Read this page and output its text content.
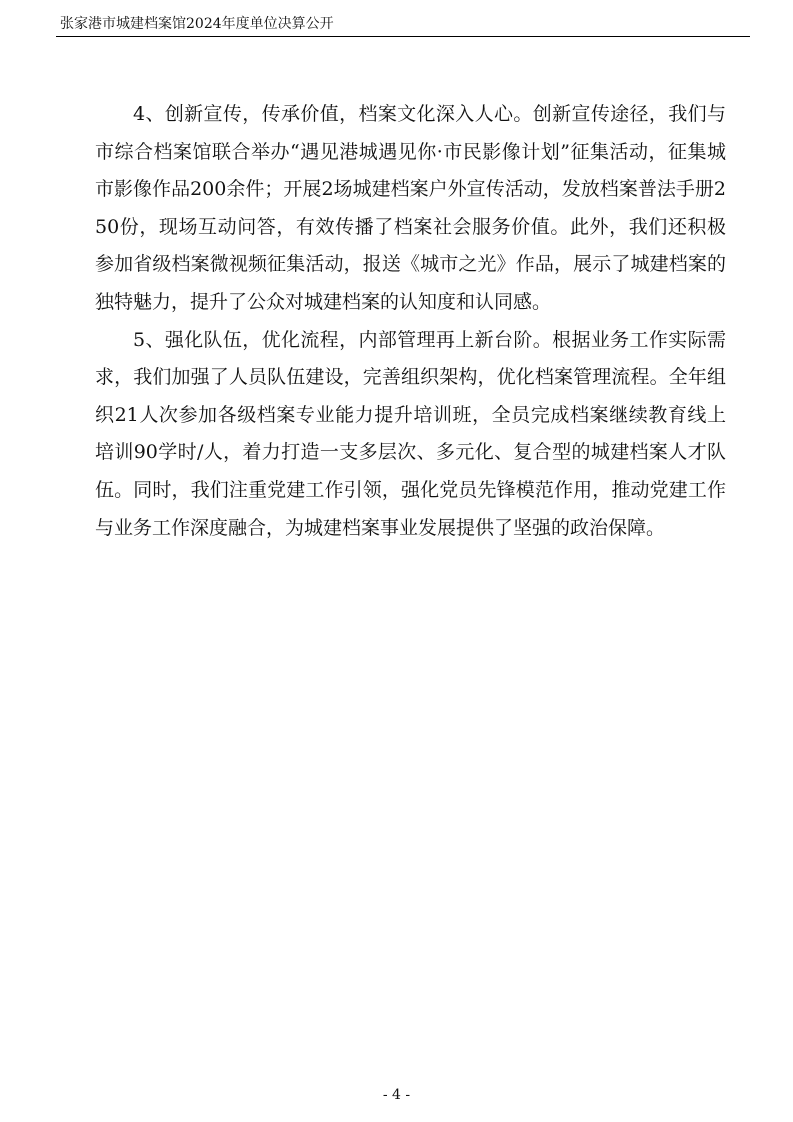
张家港市城建档案馆2024年度单位决算公开

4、创新宣传，传承价值，档案文化深入人心。创新宣传途径，我们与市综合档案馆联合举办“遇见港城遇见你·市民影像计划”征集活动，征集城市影像作品200余件；开展2场城建档案户外宣传活动，发放档案普法手册250份，现场互动问答，有效传播了档案社会服务价值。此外，我们还积极参加省级档案微视频征集活动，报送《城市之光》作品，展示了城建档案的独特魅力，提升了公众对城建档案的认知度和认同感。

5、强化队伍，优化流程，内部管理再上新台阶。根据业务工作实际需求，我们加强了人员队伍建设，完善组织架构，优化档案管理流程。全年组织21人次参加各级档案专业能力提升培训班，全员完成档案继续教育线上培训90学时/人，着力打造一支多层次、多元化、复合型的城建档案人才队伍。同时，我们注重党建工作引领，强化党员先锋模范作用，推动党建工作与业务工作深度融合，为城建档案事业发展提供了坚强的政治保障。

- 4 -
